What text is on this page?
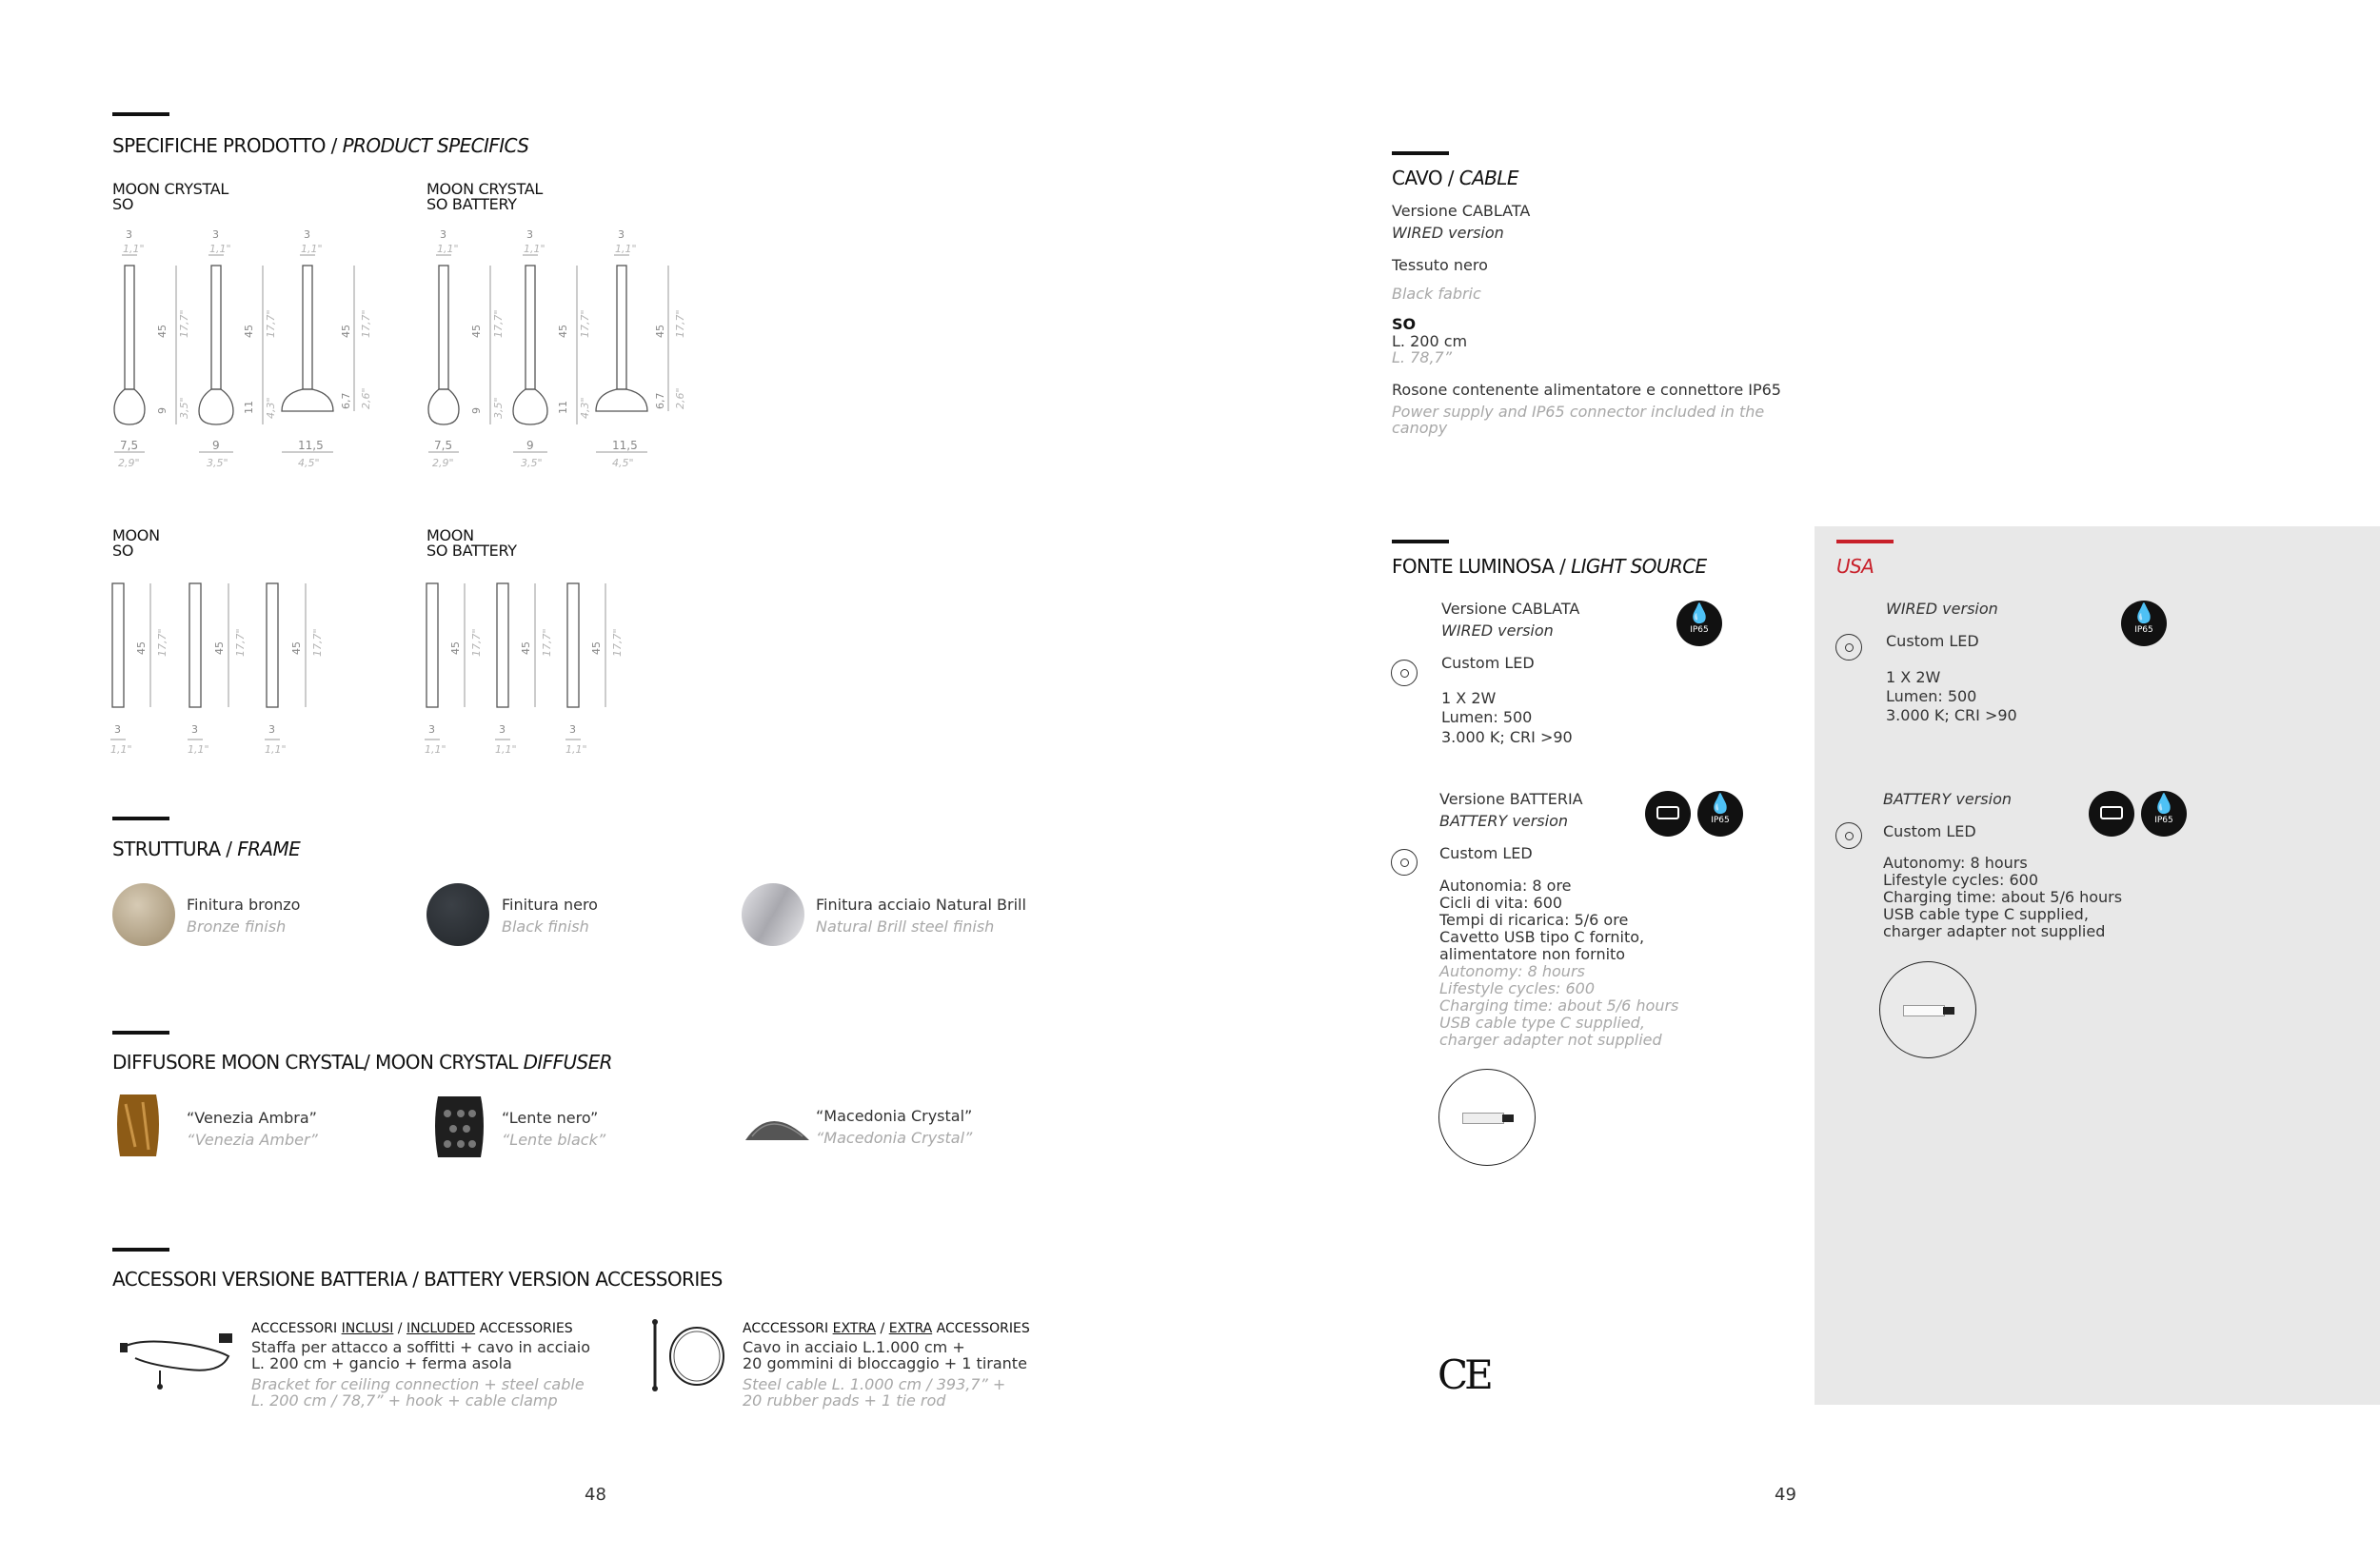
SPECIFICHE PRODOTTO / PRODUCT SPECIFICS
MOON CRYSTAL
SO
MOON CRYSTAL
SO BATTERY
MOON
SO
MOON
SO BATTERY
3
1,1"
3
1,1"
3
1,1"
3
1,1"
3
1,1"
3
1,1"
45 17,7"
9 3,5"
45 17,7"
11 4,3"
45 17,7"
6,7 2,6"
45 17,7"
9 3,5"
45 17,7"
11 4,3"
45 17,7"
6,7 2,6"
7,5
2,9"
9
3,5"
11,5
4,5"
7,5
2,9"
9
3,5"
11,5
4,5"
45 17,7"	45 17,7"	45 17,7"	45 17,7"	45 17,7"	45 17,7"
3
1,1"
3
1,1"
3
1,1"
3
1,1"
3
1,1"
3
1,1"
STRUTTURA / FRAME
Finitura bronzo
Bronze finish
Finitura nero
Black finish
Finitura acciaio Natural Brill
Natural Brill steel finish
DIFFUSORE MOON CRYSTAL/ MOON CRYSTAL DIFFUSER
“Venezia Ambra”
“Venezia Amber”
“Lente nero”
“Lente black”
“Macedonia Crystal”
“Macedonia Crystal”
ACCESSORI VERSIONE BATTERIA / BATTERY VERSION ACCESSORIES
ACCCESSORI INCLUSI / INCLUDED ACCESSORIES
Staffa per attacco a soffitti + cavo in acciaio
L. 200 cm + gancio + ferma asola
Bracket for ceiling connection + steel cable
L. 200 cm / 78,7” + hook + cable clamp
ACCCESSORI EXTRA / EXTRA ACCESSORIES
Cavo in acciaio L.1.000 cm +
20 gommini di bloccaggio + 1 tirante
Steel cable L. 1.000 cm / 393,7” +
20 rubber pads + 1 tie rod
48
CAVO / CABLE
Versione CABLATA
WIRED version
Tessuto nero
Black fabric
SO
L. 200 cm
L. 78,7”
Rosone contenente alimentatore e connettore IP65
Power supply and IP65 connector included in the
canopy
FONTE LUMINOSA / LIGHT SOURCE
Versione CABLATA
WIRED version
Custom LED
1 X 2W
Lumen: 500
3.000 K; CRI >90
💧
IP65
Versione BATTERIA
BATTERY version
Custom LED
Autonomia: 8 ore
Cicli di vita: 600
Tempi di ricarica: 5/6 ore
Cavetto USB tipo C fornito,
alimentatore non fornito
Autonomy: 8 hours
Lifestyle cycles: 600
Charging time: about 5/6 hours
USB cable type C supplied,
charger adapter not supplied
💧
IP65
CE
USA
WIRED version
Custom LED
1 X 2W
Lumen: 500
3.000 K; CRI >90
💧
IP65
BATTERY version
Custom LED
Autonomy: 8 hours
Lifestyle cycles: 600
Charging time: about 5/6 hours
USB cable type C supplied,
charger adapter not supplied
💧
IP65
49
